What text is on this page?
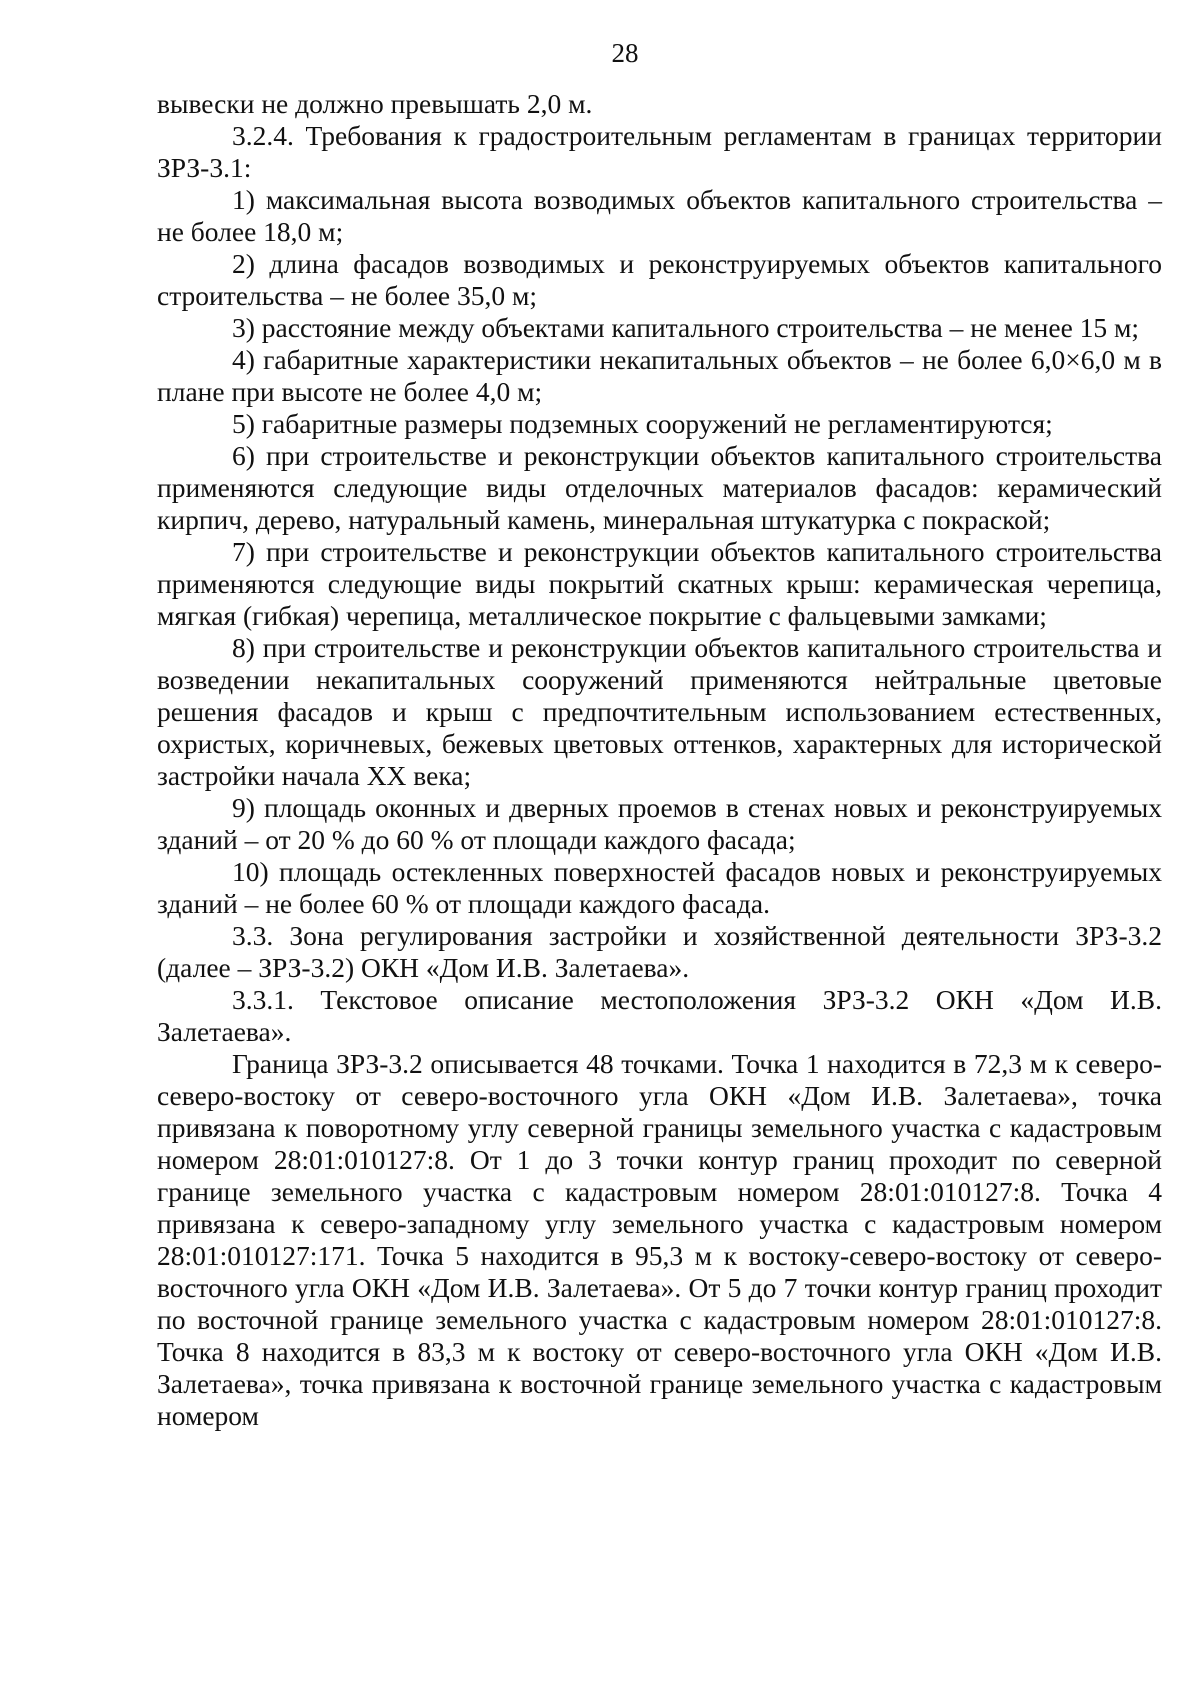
28

вывески не должно превышать 2,0 м.

3.2.4. Требования к градостроительным регламентам в границах территории ЗРЗ-3.1:

1) максимальная высота возводимых объектов капитального строительства – не более 18,0 м;

2) длина фасадов возводимых и реконструируемых объектов капитального строительства – не более 35,0 м;

3) расстояние между объектами капитального строительства – не менее 15 м;

4) габаритные характеристики некапитальных объектов – не более 6,0×6,0 м в плане при высоте не более 4,0 м;

5) габаритные размеры подземных сооружений не регламентируются;

6) при строительстве и реконструкции объектов капитального строительства применяются следующие виды отделочных материалов фасадов: керамический кирпич, дерево, натуральный камень, минеральная штукатурка с покраской;

7) при строительстве и реконструкции объектов капитального строительства применяются следующие виды покрытий скатных крыш: керамическая черепица, мягкая (гибкая) черепица, металлическое покрытие с фальцевыми замками;

8) при строительстве и реконструкции объектов капитального строительства и возведении некапитальных сооружений применяются нейтральные цветовые решения фасадов и крыш с предпочтительным использованием естественных, охристых, коричневых, бежевых цветовых оттенков, характерных для исторической застройки начала XX века;

9) площадь оконных и дверных проемов в стенах новых и реконструируемых зданий – от 20 % до 60 % от площади каждого фасада;

10) площадь остекленных поверхностей фасадов новых и реконструируемых зданий – не более 60 % от площади каждого фасада.

3.3. Зона регулирования застройки и хозяйственной деятельности ЗРЗ-3.2 (далее – ЗРЗ-3.2) ОКН «Дом И.В. Залетаева».

3.3.1. Текстовое описание местоположения ЗРЗ-3.2 ОКН «Дом И.В. Залетаева».

Граница ЗРЗ-3.2 описывается 48 точками. Точка 1 находится в 72,3 м к северо-северо-востоку от северо-восточного угла ОКН «Дом И.В. Залетаева», точка привязана к поворотному углу северной границы земельного участка с кадастровым номером 28:01:010127:8. От 1 до 3 точки контур границ проходит по северной границе земельного участка с кадастровым номером 28:01:010127:8. Точка 4 привязана к северо-западному углу земельного участка с кадастровым номером 28:01:010127:171. Точка 5 находится в 95,3 м к востоку-северо-востоку от северо-восточного угла ОКН «Дом И.В. Залетаева». От 5 до 7 точки контур границ проходит по восточной границе земельного участка с кадастровым номером 28:01:010127:8. Точка 8 находится в 83,3 м к востоку от северо-восточного угла ОКН «Дом И.В. Залетаева», точка привязана к восточной границе земельного участка с кадастровым номером
